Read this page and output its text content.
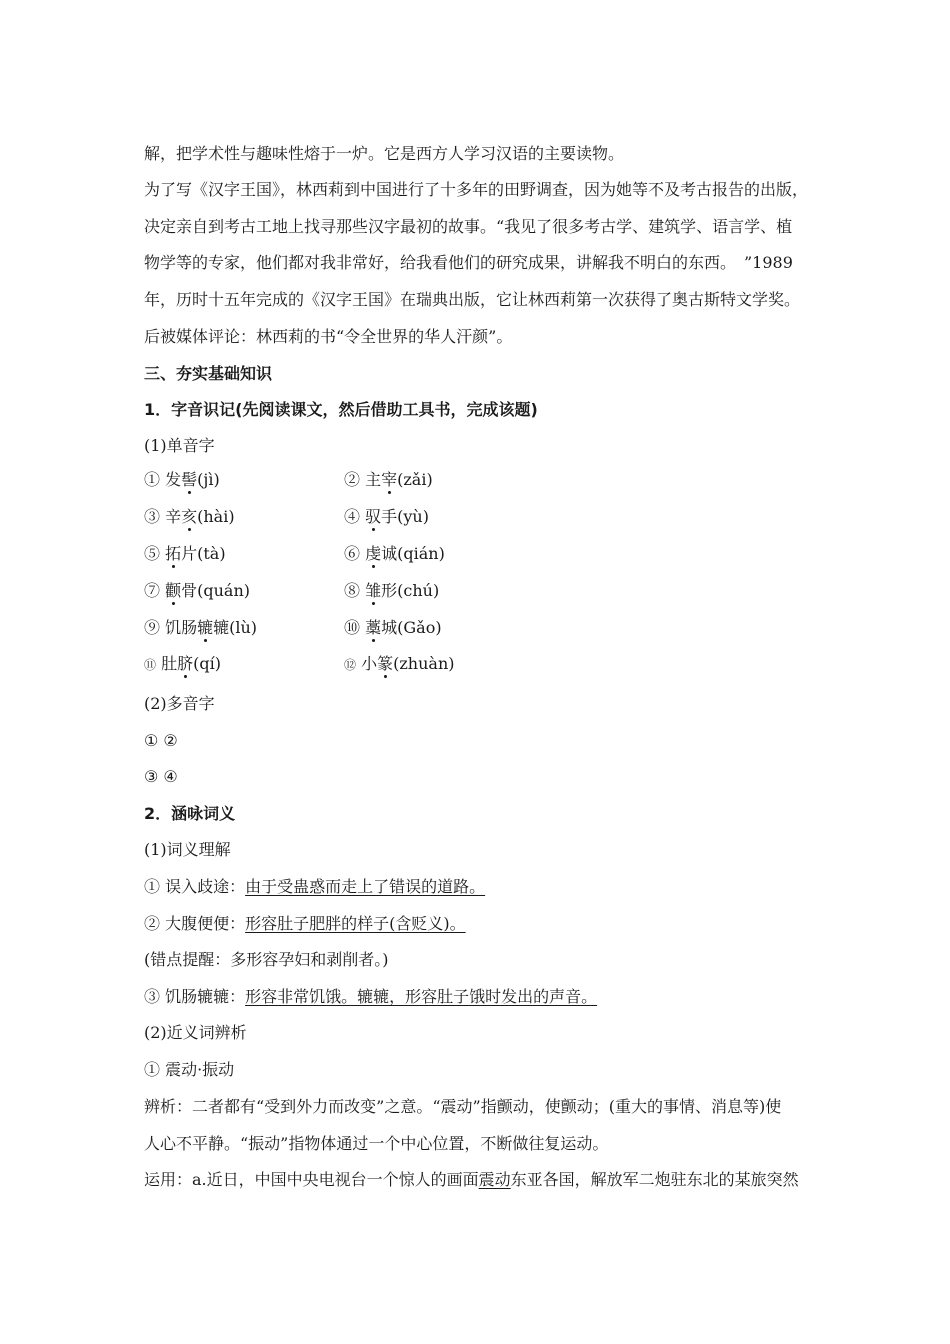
解，把学术性与趣味性熔于一炉。它是西方人学习汉语的主要读物。
为了写《汉字王国》，林西莉到中国进行了十多年的田野调查，因为她等不及考古报告的出版，
决定亲自到考古工地上找寻那些汉字最初的故事。“我见了很多考古学、建筑学、语言学、植
物学等的专家，他们都对我非常好，给我看他们的研究成果，讲解我不明白的东西。　”1989
年，历时十五年完成的《汉字王国》在瑞典出版，它让林西莉第一次获得了奥古斯特文学奖。
后被媒体评论：林西莉的书“令全世界的华人汗颜”。
三、夯实基础知识
1．字音识记(先阅读课文，然后借助工具书，完成该题)
(1)单音字
① 发髻(jì)	② 主宰(zǎi)
③ 辛亥(hài)	④ 驭手(yù)
⑤ 拓片(tà)	⑥ 虔诚(qián)
⑦ 颧骨(quán)	⑧ 雏形(chú)
⑨ 饥肠辘辘(lù)	⑩ 藁城(Gǎo)
⑪ 肚脐(qí)	⑫ 小篆(zhuàn)
(2)多音字
① ②
③ ④
2．涵咏词义
(1)词义理解
① 误入歧途：由于受蛊惑而走上了错误的道路。
② 大腹便便：形容肚子肥胖的样子(含贬义)。
(错点提醒：多形容孕妇和剥削者。)
③ 饥肠辘辘：形容非常饥饿。辘辘，形容肚子饿时发出的声音。
(2)近义词辨析
① 震动·振动
辨析：二者都有“受到外力而改变”之意。“震动”指颤动，使颤动；(重大的事情、消息等)使
人心不平静。“振动”指物体通过一个中心位置，不断做往复运动。
运用：a.近日，中国中央电视台一个惊人的画面震动东亚各国，解放军二炮驻东北的某旅突然
